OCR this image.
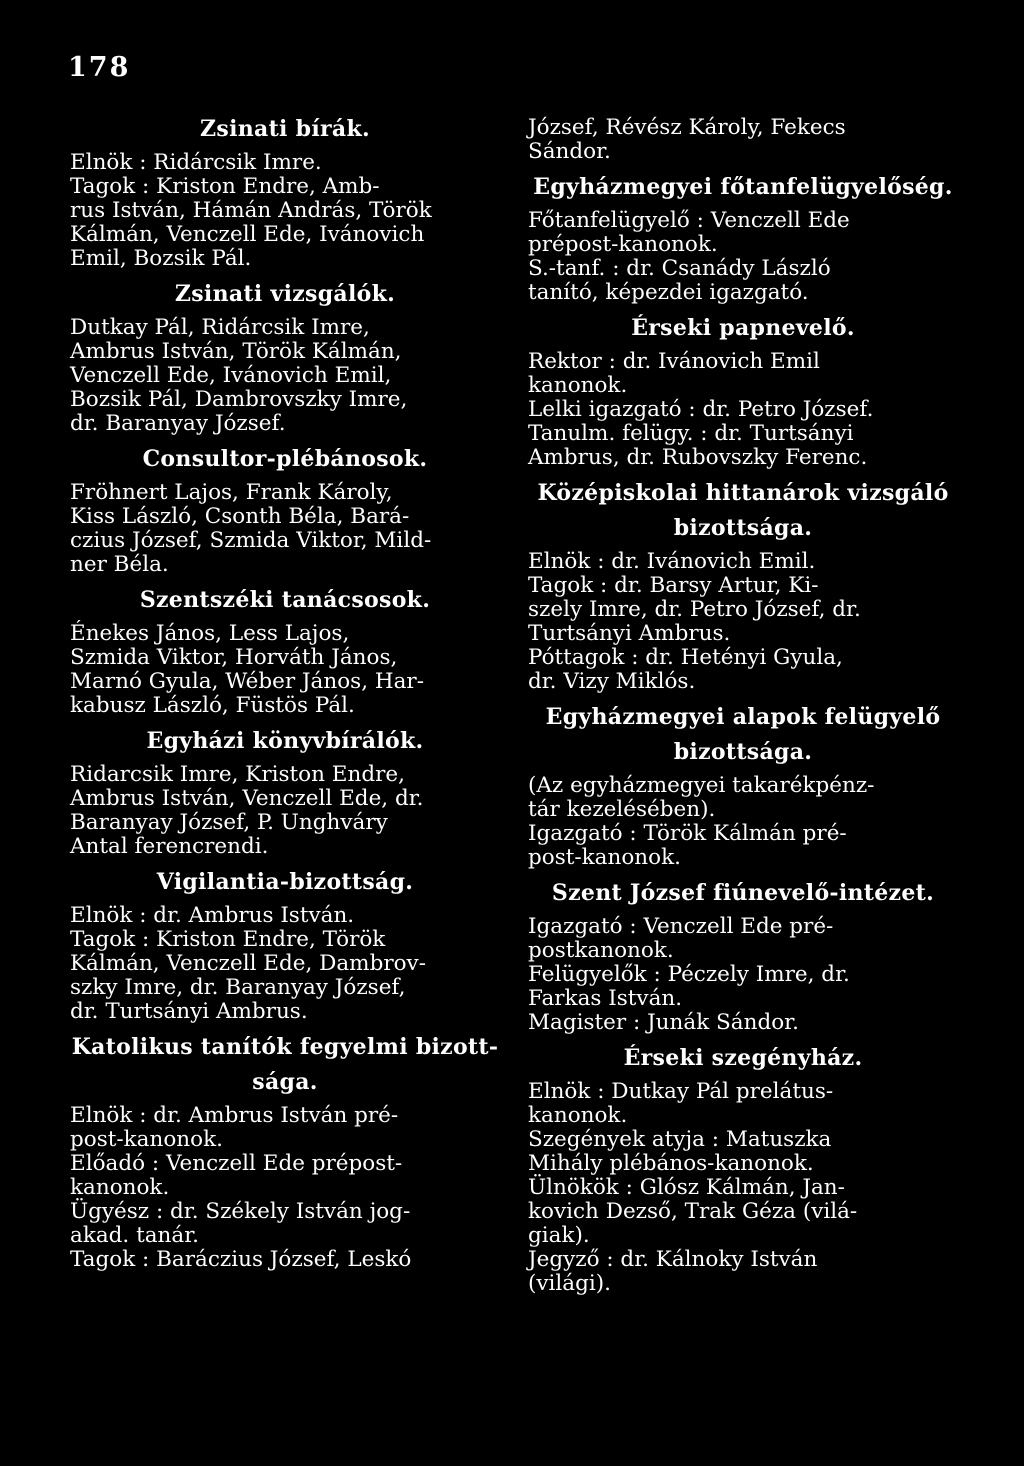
178
Zsinati bírák.
Elnök : Ridárcsik Imre.
Tagok : Kriston Endre, Amb-
rus István, Hámán András, Török
Kálmán, Venczell Ede, Ivánovich
Emil, Bozsik Pál.
Zsinati vizsgálók.
Dutkay Pál, Ridárcsik Imre,
Ambrus István, Török Kálmán,
Venczell Ede, Ivánovich Emil,
Bozsik Pál, Dambrovszky Imre,
dr. Baranyay József.
Consultor-plébánosok.
Fröhnert Lajos, Frank Károly,
Kiss László, Csonth Béla, Bará-
czius József, Szmida Viktor, Mild-
ner Béla.
Szentszéki tanácsosok.
Énekes János, Less Lajos,
Szmida Viktor, Horváth János,
Marnó Gyula, Wéber János, Har-
kabusz László, Füstös Pál.
Egyházi könyvbírálók.
Ridarcsik Imre, Kriston Endre,
Ambrus István, Venczell Ede, dr.
Baranyay József, P. Unghváry
Antal ferencrendi.
Vigilantia-bizottság.
Elnök : dr. Ambrus István.
Tagok : Kriston Endre, Török
Kálmán, Venczell Ede, Dambrov-
szky Imre, dr. Baranyay József,
dr. Turtsányi Ambrus.
Katolikus tanítók fegyelmi bizott-
sága.
Elnök : dr. Ambrus István pré-
post-kanonok.
Előadó : Venczell Ede prépost-
kanonok.
Ügyész : dr. Székely István jog-
akad. tanár.
Tagok : Baráczius József, Leskó
József, Révész Károly, Fekecs
Sándor.
Egyházmegyei főtanfelügyelőség.
Főtanfelügyelő : Venczell Ede
prépost-kanonok.
S.-tanf. : dr. Csanády László
tanító, képezdei igazgató.
Érseki papnevelő.
Rektor : dr. Ivánovich Emil
kanonok.
Lelki igazgató : dr. Petro József.
Tanulm. felügy. : dr. Turtsányi
Ambrus, dr. Rubovszky Ferenc.
Középiskolai hittanárok vizsgáló
bizottsága.
Elnök : dr. Ivánovich Emil.
Tagok : dr. Barsy Artur, Ki-
szely Imre, dr. Petro József, dr.
Turtsányi Ambrus.
Póttagok : dr. Hetényi Gyula,
dr. Vizy Miklós.
Egyházmegyei alapok felügyelő
bizottsága.
(Az egyházmegyei takarékpénz-
tár kezelésében).
Igazgató : Török Kálmán pré-
post-kanonok.
Szent József fiúnevelő-intézet.
Igazgató : Venczell Ede pré-
postkanonok.
Felügyelők : Péczely Imre, dr.
Farkas István.
Magister : Junák Sándor.
Érseki szegényház.
Elnök : Dutkay Pál prelátus-
kanonok.
Szegények atyja : Matuszka
Mihály plébános-kanonok.
Ülnökök : Glósz Kálmán, Jan-
kovich Dezső, Trak Géza (vilá-
giak).
Jegyző : dr. Kálnoky István
(világi).
